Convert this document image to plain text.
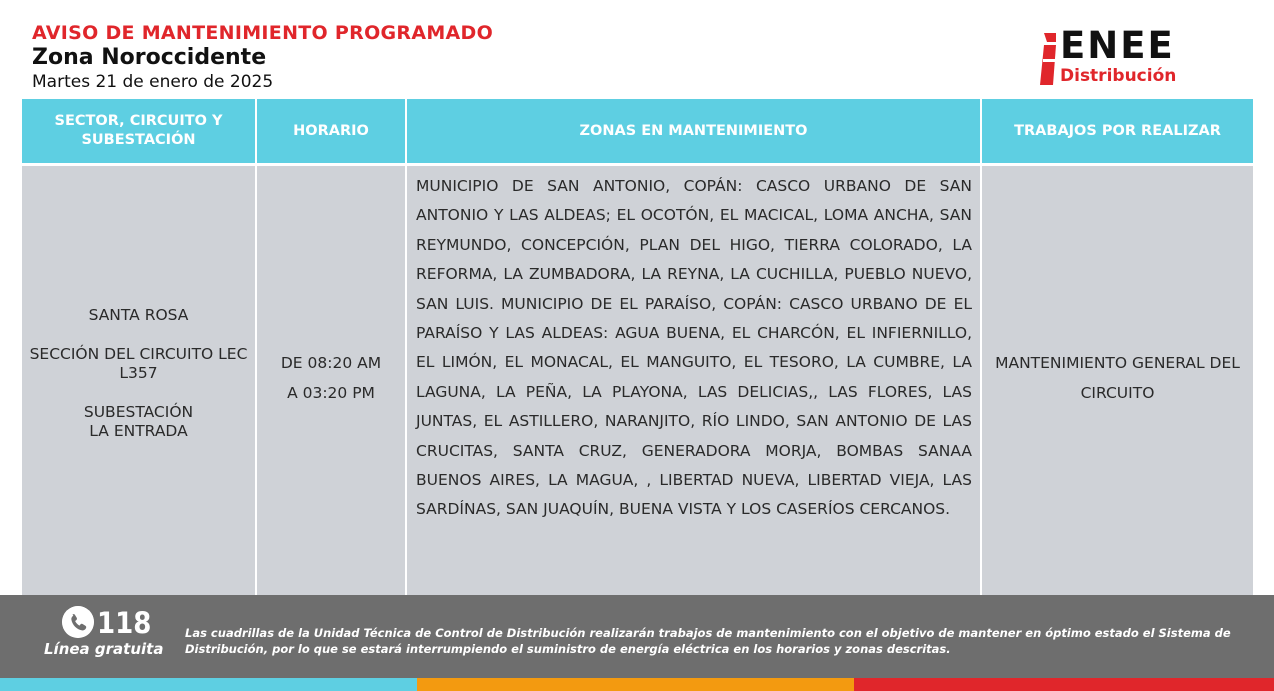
AVISO DE MANTENIMIENTO PROGRAMADO
Zona Noroccidente
Martes 21 de enero de 2025
ENEE
Distribución
SECTOR, CIRCUITO Y SUBESTACIÓN
HORARIO	ZONAS EN MANTENIMIENTO	TRABAJOS POR REALIZAR

SANTA ROSA

SECCIÓN DEL CIRCUITO LEC L357

SUBESTACIÓN
LA ENTRADA

DE 08:20 AM
A 03:20 PM
MUNICIPIO DE SAN ANTONIO, COPÁN: CASCO URBANO DE SAN ANTONIO Y LAS ALDEAS; EL OCOTÓN, EL MACICAL, LOMA ANCHA, SAN REYMUNDO, CONCEPCIÓN, PLAN DEL HIGO, TIERRA COLORADO, LA REFORMA, LA ZUMBADORA, LA REYNA, LA CUCHILLA, PUEBLO NUEVO, SAN LUIS. MUNICIPIO DE EL PARAÍSO, COPÁN: CASCO URBANO DE EL PARAÍSO Y LAS ALDEAS: AGUA BUENA, EL CHARCÓN, EL INFIERNILLO, EL LIMÓN, EL MONACAL, EL MANGUITO, EL TESORO, LA CUMBRE, LA LAGUNA, LA PEÑA, LA PLAYONA, LAS DELICIAS,, LAS FLORES, LAS JUNTAS, EL ASTILLERO, NARANJITO, RÍO LINDO, SAN ANTONIO DE LAS CRUCITAS, SANTA CRUZ, GENERADORA MORJA, BOMBAS SANAA BUENOS AIRES, LA MAGUA, , LIBERTAD NUEVA, LIBERTAD VIEJA, LAS SARDÍNAS, SAN JUAQUÍN, BUENA VISTA Y LOS CASERÍOS CERCANOS.
MANTENIMIENTO GENERAL DEL CIRCUITO
118
Línea gratuita
Las cuadrillas de la Unidad Técnica de Control de Distribución realizarán trabajos de mantenimiento con el objetivo de mantener en óptimo estado el Sistema de Distribución, por lo que se estará interrumpiendo el suministro de energía eléctrica en los horarios y zonas descritas.
